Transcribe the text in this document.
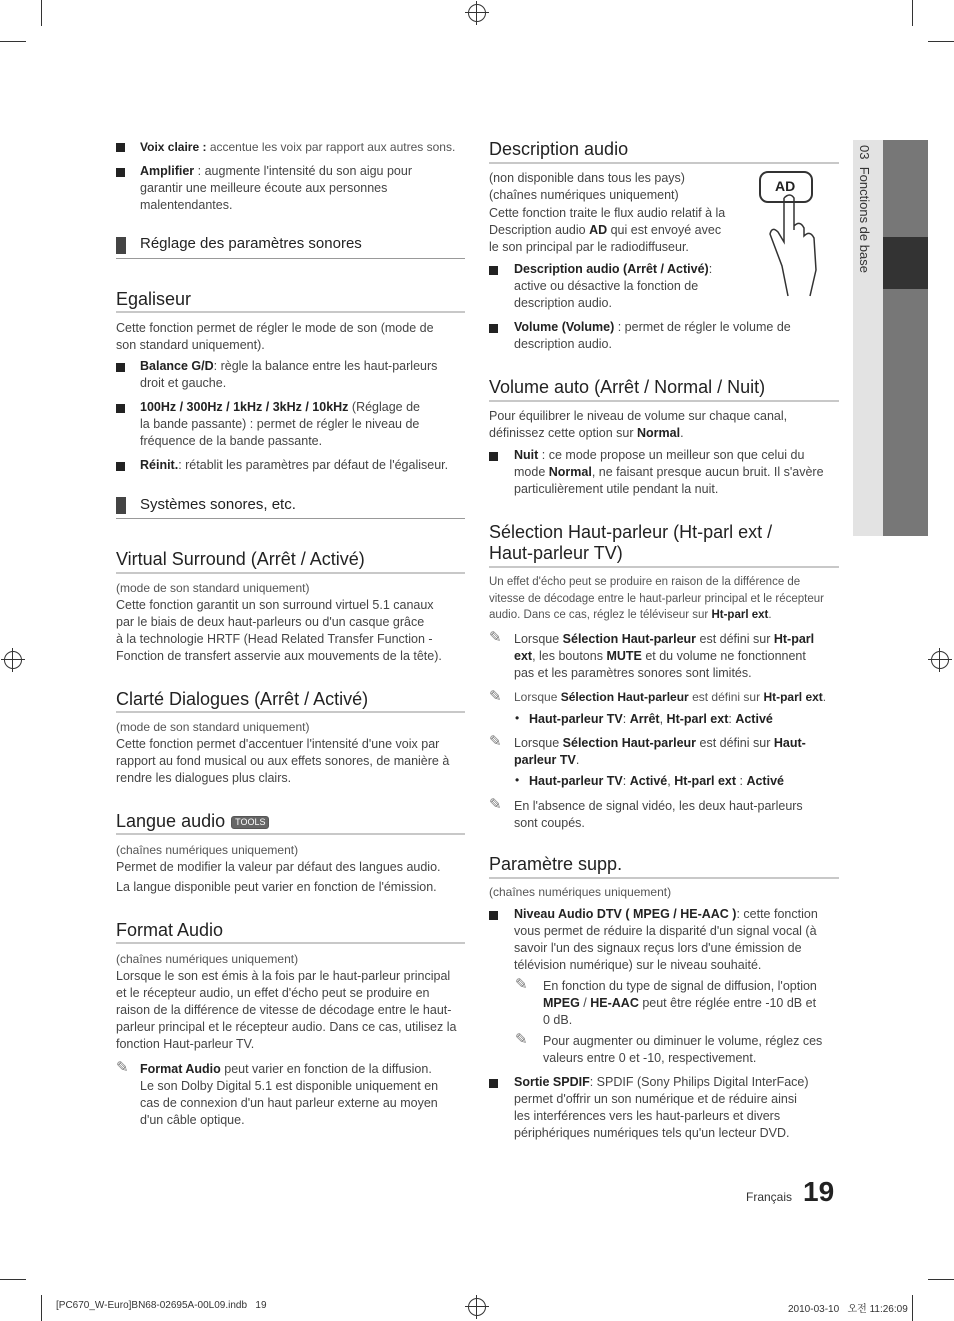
03  Fonctions de base
Voix claire : accentue les voix par rapport aux autres sons.
Amplifier : augmente l'intensité du son aigu pour
garantir une meilleure écoute aux personnes
malentendantes.
Réglage des paramètres sonores
Egaliseur
Cette fonction permet de régler le mode de son (mode de
son standard uniquement).
Balance G/D: règle la balance entre les haut-parleurs
droit et gauche.
100Hz / 300Hz / 1kHz / 3kHz / 10kHz (Réglage de
la bande passante) : permet de régler le niveau de
fréquence de la bande passante.
Réinit.: rétablit les paramètres par défaut de l'égaliseur.
Systèmes sonores, etc.
Virtual Surround (Arrêt / Activé)
(mode de son standard uniquement)
Cette fonction garantit un son surround virtuel 5.1 canaux
par le biais de deux haut-parleurs ou d'un casque grâce
à la technologie HRTF (Head Related Transfer Function -
Fonction de transfert asservie aux mouvements de la tête).
Clarté Dialogues (Arrêt / Activé)
(mode de son standard uniquement)
Cette fonction permet d'accentuer l'intensité d'une voix par
rapport au fond musical ou aux effets sonores, de manière à
rendre les dialogues plus clairs.
Langue audio TOOLS
(chaînes numériques uniquement)
Permet de modifier la valeur par défaut des langues audio.
La langue disponible peut varier en fonction de l'émission.
Format Audio
(chaînes numériques uniquement)
Lorsque le son est émis à la fois par le haut-parleur principal
et le récepteur audio, un effet d'écho peut se produire en
raison de la différence de vitesse de décodage entre le haut-
parleur principal et le récepteur audio. Dans ce cas, utilisez la
fonction Haut-parleur TV.
✎ Format Audio peut varier en fonction de la diffusion.
Le son Dolby Digital 5.1 est disponible uniquement en
cas de connexion d'un haut parleur externe au moyen
d'un câble optique.
Description audio
(non disponible dans tous les pays)
(chaînes numériques uniquement)
Cette fonction traite le flux audio relatif à la
Description audio AD qui est envoyé avec
le son principal par le radiodiffuseur.
AD
Description audio (Arrêt / Activé):
active ou désactive la fonction de
description audio.
Volume (Volume) : permet de régler le volume de
description audio.
Volume auto (Arrêt / Normal / Nuit)
Pour équilibrer le niveau de volume sur chaque canal,
définissez cette option sur Normal.
Nuit : ce mode propose un meilleur son que celui du
mode Normal, ne faisant presque aucun bruit. Il s'avère
particulièrement utile pendant la nuit.
Sélection Haut-parleur (Ht-parl ext /
Haut-parleur TV)
Un effet d'écho peut se produire en raison de la différence de
vitesse de décodage entre le haut-parleur principal et le récepteur
audio. Dans ce cas, réglez le téléviseur sur Ht-parl ext.
✎ Lorsque Sélection Haut-parleur est défini sur Ht-parl
ext, les boutons MUTE et du volume ne fonctionnent
pas et les paramètres sonores sont limités.
✎ Lorsque Sélection Haut-parleur est défini sur Ht-parl ext.
• Haut-parleur TV: Arrêt, Ht-parl ext: Activé
✎ Lorsque Sélection Haut-parleur est défini sur Haut-
parleur TV.
• Haut-parleur TV: Activé, Ht-parl ext : Activé
✎ En l'absence de signal vidéo, les deux haut-parleurs
sont coupés.
Paramètre supp.
(chaînes numériques uniquement)
Niveau Audio DTV ( MPEG / HE-AAC ): cette fonction
vous permet de réduire la disparité d'un signal vocal (à
savoir l'un des signaux reçus lors d'une émission de
télévision numérique) sur le niveau souhaité.
✎ En fonction du type de signal de diffusion, l'option
MPEG / HE-AAC peut être réglée entre -10 dB et
0 dB.
✎ Pour augmenter ou diminuer le volume, réglez ces
valeurs entre 0 et -10, respectivement.
Sortie SPDIF: SPDIF (Sony Philips Digital InterFace)
permet d'offrir un son numérique et de réduire ainsi
les interférences vers les haut-parleurs et divers
périphériques numériques tels qu'un lecteur DVD.
Français 19
[PC670_W-Euro]BN68-02695A-00L09.indb   19	2010-03-10   오전 11:26:09
